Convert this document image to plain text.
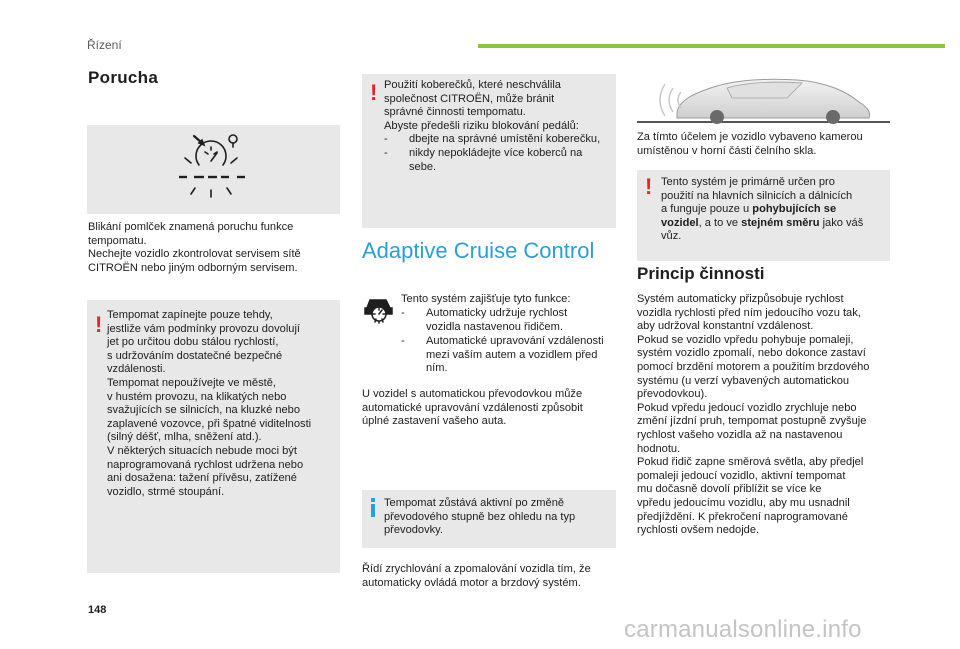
Řízení
Porucha
Blikání pomlček znamená poruchu funkce
tempomatu.
Nechejte vozidlo zkontrolovat servisem sítě
CITROËN nebo jiným odborným servisem.
! Tempomat zapínejte pouze tehdy,
jestliže vám podmínky provozu dovolují
jet po určitou dobu stálou rychlostí,
s udržováním dostatečné bezpečné
vzdálenosti.
Tempomat nepoužívejte ve městě,
v hustém provozu, na klikatých nebo
svažujících se silnicích, na kluzké nebo
zaplavené vozovce, při špatné viditelnosti
(silný déšť, mlha, sněžení atd.).
V některých situacích nebude moci být
naprogramovaná rychlost udržena nebo
ani dosažena: tažení přívěsu, zatížené
vozidlo, strmé stoupání.
! Použití koberečků, které neschválila
společnost CITROËN, může bránit
správné činnosti tempomatu.
Abyste předešli riziku blokování pedálů:
- dbejte na správné umístění koberečku,
- nikdy nepokládejte více koberců na
sebe.
Adaptive Cruise Control
Tento systém zajišťuje tyto funkce:
- Automaticky udržuje rychlost
vozidla nastavenou řidičem.
- Automatické upravování vzdálenosti
mezi vaším autem a vozidlem před
ním.
U vozidel s automatickou převodovkou může
automatické upravování vzdálenosti způsobit
úplné zastavení vašeho auta.
Tempomat zůstává aktivní po změně
převodového stupně bez ohledu na typ
převodovky.
Řídí zrychlování a zpomalování vozidla tím, že
automaticky ovládá motor a brzdový systém.
Za tímto účelem je vozidlo vybaveno kamerou
umístěnou v horní části čelního skla.
! Tento systém je primárně určen pro
použití na hlavních silnicích a dálnicích
a funguje pouze u pohybujících se
vozidel, a to ve stejném směru jako váš
vůz.
Princip činnosti
Systém automaticky přizpůsobuje rychlost
vozidla rychlosti před ním jedoucího vozu tak,
aby udržoval konstantní vzdálenost.
Pokud se vozidlo vpředu pohybuje pomaleji,
systém vozidlo zpomalí, nebo dokonce zastaví
pomocí brzdění motorem a použitím brzdového
systému (u verzí vybavených automatickou
převodovkou).
Pokud vpředu jedoucí vozidlo zrychluje nebo
změní jízdní pruh, tempomat postupně zvyšuje
rychlost vašeho vozidla až na nastavenou
hodnotu.
Pokud řidič zapne směrová světla, aby předjel
pomaleji jedoucí vozidlo, aktivní tempomat
mu dočasně dovolí přiblížit se více ke
vpředu jedoucímu vozidlu, aby mu usnadnil
předjíždění. K překročení naprogramované
rychlosti ovšem nedojde.
148
carmanualsonline.info
